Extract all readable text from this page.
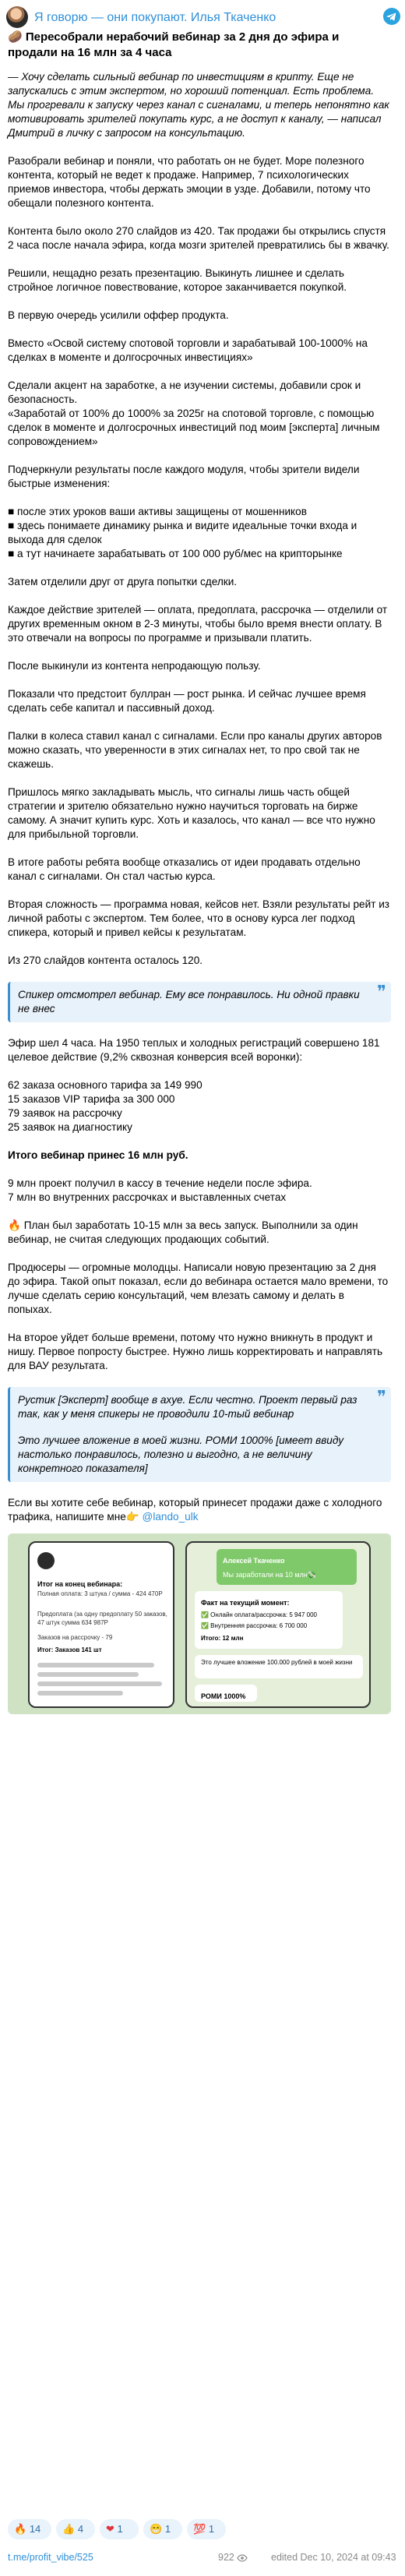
Я говорю — они покупают. Илья Ткаченко
🥔 Пересобрали нерабочий вебинар за 2 дня до эфира и продали на 16 млн за 4 часа
— Хочу сделать сильный вебинар по инвестициям в крипту. Еще не запускались с этим экспертом, но хороший потенциал. Есть проблема. Мы прогревали к запуску через канал с сигналами, и теперь непонятно как мотивировать зрителей покупать курс, а не доступ к каналу, — написал Дмитрий в личку с запросом на консультацию.
Разобрали вебинар и поняли, что работать он не будет. Море полезного контента, который не ведет к продаже. Например, 7 психологических приемов инвестора, чтобы держать эмоции в узде. Добавили, потому что обещали полезного контента.
Контента было около 270 слайдов из 420. Так продажи бы открылись спустя 2 часа после начала эфира, когда мозги зрителей превратились бы в жвачку.
Решили, нещадно резать презентацию. Выкинуть лишнее и сделать стройное логичное повествование, которое заканчивается покупкой.
В первую очередь усилили оффер продукта.
Вместо «Освой систему спотовой торговли и зарабатывай 100-1000% на сделках в моменте и долгосрочных инвестициях»
Сделали акцент на заработке, а не изучении системы, добавили срок и безопасность.
«Заработай от 100% до 1000% за 2025г на спотовой торговле, с помощью сделок в моменте и долгосрочных инвестиций под моим [эксперта] личным сопровождением»
Подчеркнули результаты после каждого модуля, чтобы зрители видели быстрые изменения:
■ после этих уроков ваши активы защищены от мошенников
■ здесь понимаете динамику рынка и видите идеальные точки входа и выхода для сделок
■ а тут начинаете зарабатывать от 100 000 руб/мес на крипторынке
Затем отделили друг от друга попытки сделки.
Каждое действие зрителей — оплата, предоплата, рассрочка — отделили от других временным окном в 2-3 минуты, чтобы было время внести оплату. В это отвечали на вопросы по программе и призывали платить.
После выкинули из контента непродающую пользу.
Показали что предстоит буллран — рост рынка. И сейчас лучшее время сделать себе капитал и пассивный доход.
Палки в колеса ставил канал с сигналами. Если про каналы других авторов можно сказать, что уверенности в этих сигналах нет, то про свой так не скажешь.
Пришлось мягко закладывать мысль, что сигналы лишь часть общей стратегии и зрителю обязательно нужно научиться торговать на бирже самому. А значит купить курс. Хоть и казалось, что канал — все что нужно для прибыльной торговли.
В итоге работы ребята вообще отказались от идеи продавать отдельно канал с сигналами. Он стал частью курса.
Вторая сложность — программа новая, кейсов нет. Взяли результаты рейт из личной работы с экспертом. Тем более, что в основу курса лег подход спикера, который и привел кейсы к результатам.
Из 270 слайдов контента осталось 120.
❞
Спикер отсмотрел вебинар. Ему все понравилось. Ни одной правки не внес
Эфир шел 4 часа. На 1950 теплых и холодных регистраций совершено 181 целевое действие (9,2% сквозная конверсия всей воронки):
62 заказа основного тарифа за 149 990
15 заказов VIP тарифа за 300 000
79 заявок на рассрочку
25 заявок на диагностику
Итого вебинар принес 16 млн руб.
9 млн проект получил в кассу в течение недели после эфира.
7 млн во внутренних рассрочках и выставленных счетах
🔥 План был заработать 10-15 млн за весь запуск. Выполнили за один вебинар, не считая следующих продающих событий.
Продюсеры — огромные молодцы. Написали новую презентацию за 2 дня до эфира. Такой опыт показал, если до вебинара остается мало времени, то лучше сделать серию консультаций, чем влезать самому и делать в попыхах.
На второе уйдет больше времени, потому что нужно вникнуть в продукт и нишу. Первое попросту быстрее. Нужно лишь корректировать и направлять для ВАУ результата.
❞
Рустик [Эксперт] вообще в ахуе. Если честно. Проект первый раз так, как у меня спикеры не проводили 10-тый вебинар
Это лучшее вложение в моей жизни. РОМИ 1000% [имеет ввиду настолько понравилось, полезно и выгодно, а не величину конкретного показателя]
Если вы хотите себе вебинар, который принесет продажи даже с холодного трафика, напишите мне👉 @lando_ulk
Итог на конец вебинара:
Полная оплата: 3 штука / сумма - 424 470Р
Предоплата (за одну предоплату 50 заказов, 47 штук сумма 634 987Р
Заказов на рассрочку - 79
Итог: Заказов 141 шт
Алексей Ткаченко
Мы заработали на 10 млн💸
Факт на текущий момент:
✅ Онлайн оплата/рассрочка: 5 947 000
✅ Внутренняя рассрочка: 6 700 000
Итого: 12 млн
Это лучшее вложение 100.000 рублей в моей жизни
РОМИ 1000%
🔥 14	👍 4	❤ 1	😁 1	💯 1
t.me/profit_vibe/525	922	edited Dec 10, 2024 at 09:43
